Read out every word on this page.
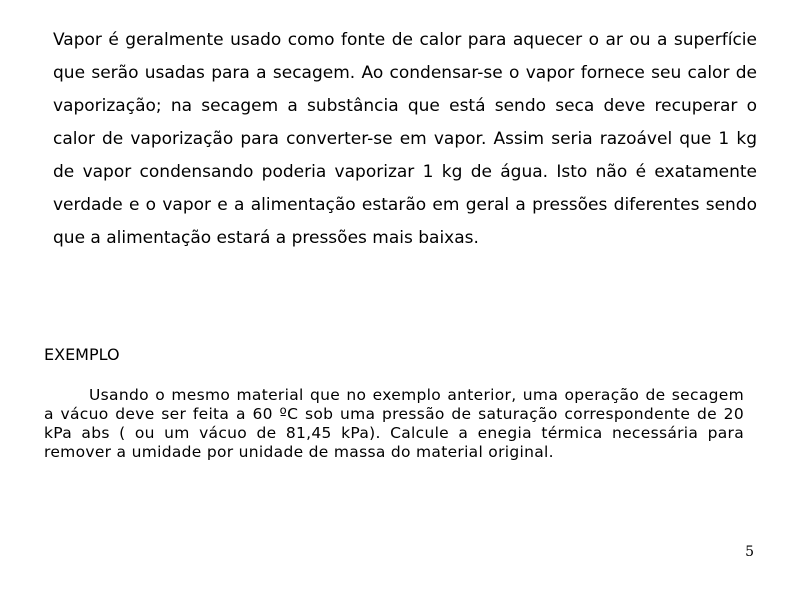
Vapor é geralmente usado como fonte de calor para aquecer o ar ou a superfície que serão usadas para a secagem. Ao condensar-se o vapor fornece seu calor de vaporização; na secagem a substância que está sendo seca deve recuperar o calor de vaporização para converter-se em vapor. Assim seria razoável que 1 kg de vapor condensando poderia vaporizar 1 kg de água. Isto não é exatamente verdade e o vapor e a alimentação estarão em geral a pressões diferentes sendo que a alimentação estará a pressões mais baixas.

EXEMPLO

Usando o mesmo material que no exemplo anterior, uma operação de secagem a vácuo deve ser feita a 60 ºC sob uma pressão de saturação correspondente de 20 kPa abs ( ou um vácuo de 81,45 kPa). Calcule a enegia térmica necessária para remover a umidade por unidade de massa do material original.

5
